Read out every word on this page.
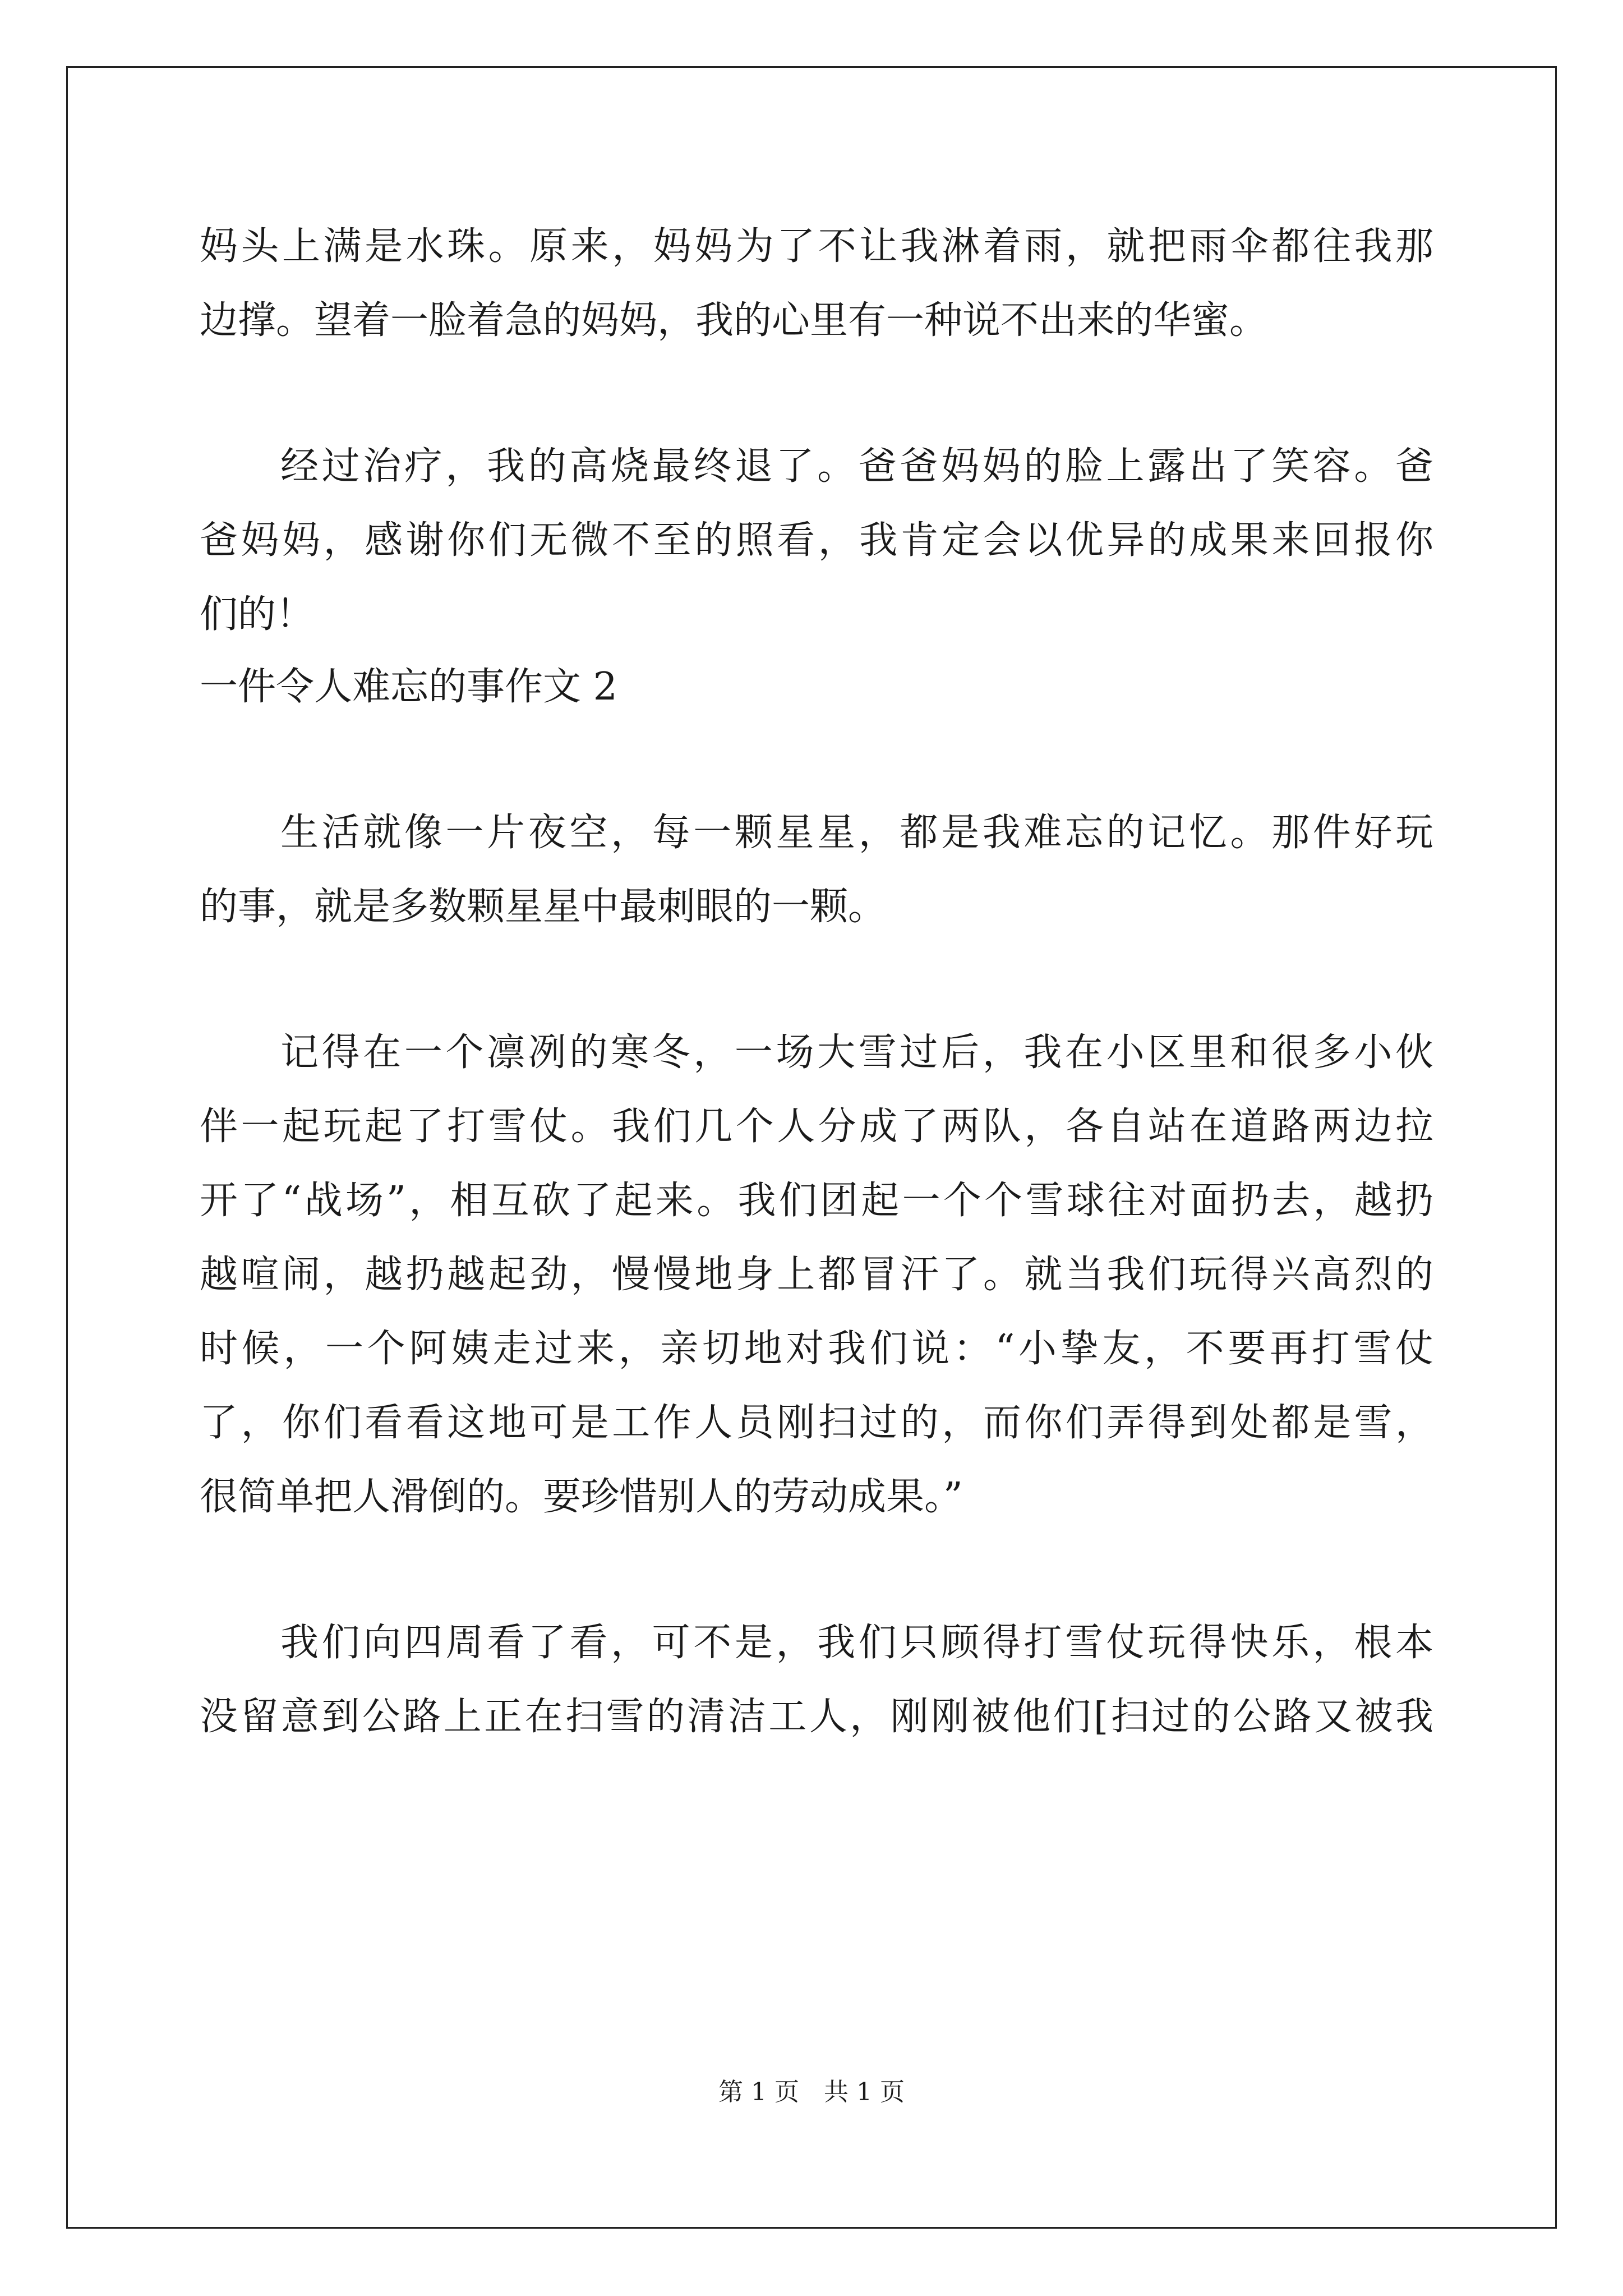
妈头上满是水珠。原来，妈妈为了不让我淋着雨，就把雨伞都往我那
边撑。望着一脸着急的妈妈，我的心里有一种说不出来的华蜜。
经过治疗，我的高烧最终退了。爸爸妈妈的脸上露出了笑容。爸
爸妈妈，感谢你们无微不至的照看，我肯定会以优异的成果来回报你
们的！
一件令人难忘的事作文 2
生活就像一片夜空，每一颗星星，都是我难忘的记忆。那件好玩
的事，就是多数颗星星中最刺眼的一颗。
记得在一个凛冽的寒冬，一场大雪过后，我在小区里和很多小伙
伴一起玩起了打雪仗。我们几个人分成了两队，各自站在道路两边拉
开了“战场”，相互砍了起来。我们团起一个个雪球往对面扔去，越扔
越喧闹，越扔越起劲，慢慢地身上都冒汗了。就当我们玩得兴高烈的
时候，一个阿姨走过来，亲切地对我们说：“小挚友，不要再打雪仗
了，你们看看这地可是工作人员刚扫过的，而你们弄得到处都是雪，
很简单把人滑倒的。要珍惜别人的劳动成果。”
我们向四周看了看，可不是，我们只顾得打雪仗玩得快乐，根本
没留意到公路上正在扫雪的清洁工人，刚刚被他们[扫过的公路又被我
第 1 页 共 1 页
